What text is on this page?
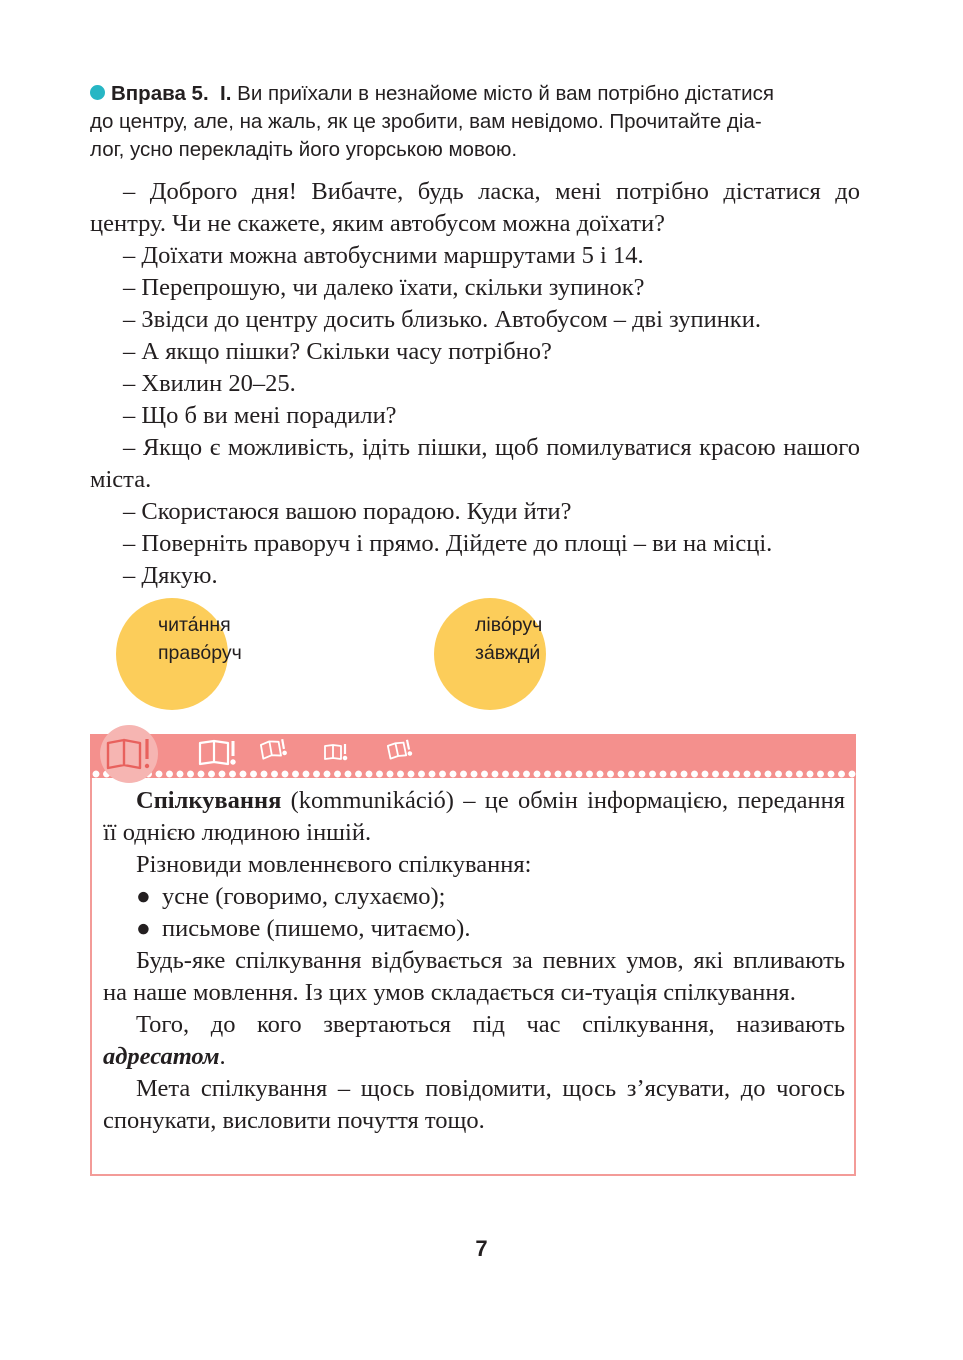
Вправа 5. І. Ви приїхали в незнайоме місто й вам потрібно дістатися
до центру, але, на жаль, як це зробити, вам невідомо. Прочитайте діа-
лог, усно перекладіть його угорською мовою.

– Доброго дня! Вибачте, будь ласка, мені потрібно дістатися до центру. Чи не скажете, яким автобусом можна доїхати?

– Доїхати можна автобусними маршрутами 5 і 14.

– Перепрошую, чи далеко їхати, скільки зупинок?

– Звідси до центру досить близько. Автобусом – дві зупинки.

– А якщо пішки? Скільки часу потрібно?

– Хвилин 20–25.

– Що б ви мені порадили?

– Якщо є можливість, ідіть пішки, щоб помилуватися красою нашого міста.

– Скористаюся вашою порадою. Куди йти?

– Поверніть праворуч і прямо. Дійдете до площі – ви на місці.

– Дякую.

чита́ння
право́руч
ліво́руч
за́вжди́

Спілкування (kommunikáció) – це обмін інформацією, передання її однією людиною іншій.

Різновиди мовленнєвого спілкування:

● усне (говоримо, слухаємо);

● письмове (пишемо, читаємо).

Будь-яке спілкування відбувається за певних умов, які впливають на наше мовлення. Із цих умов складається си-туація спілкування.

Того, до кого звертаються під час спілкування, називають адресатом.

Мета спілкування – щось повідомити, щось з’ясувати, до чогось спонукати, висловити почуття тощо.

7
